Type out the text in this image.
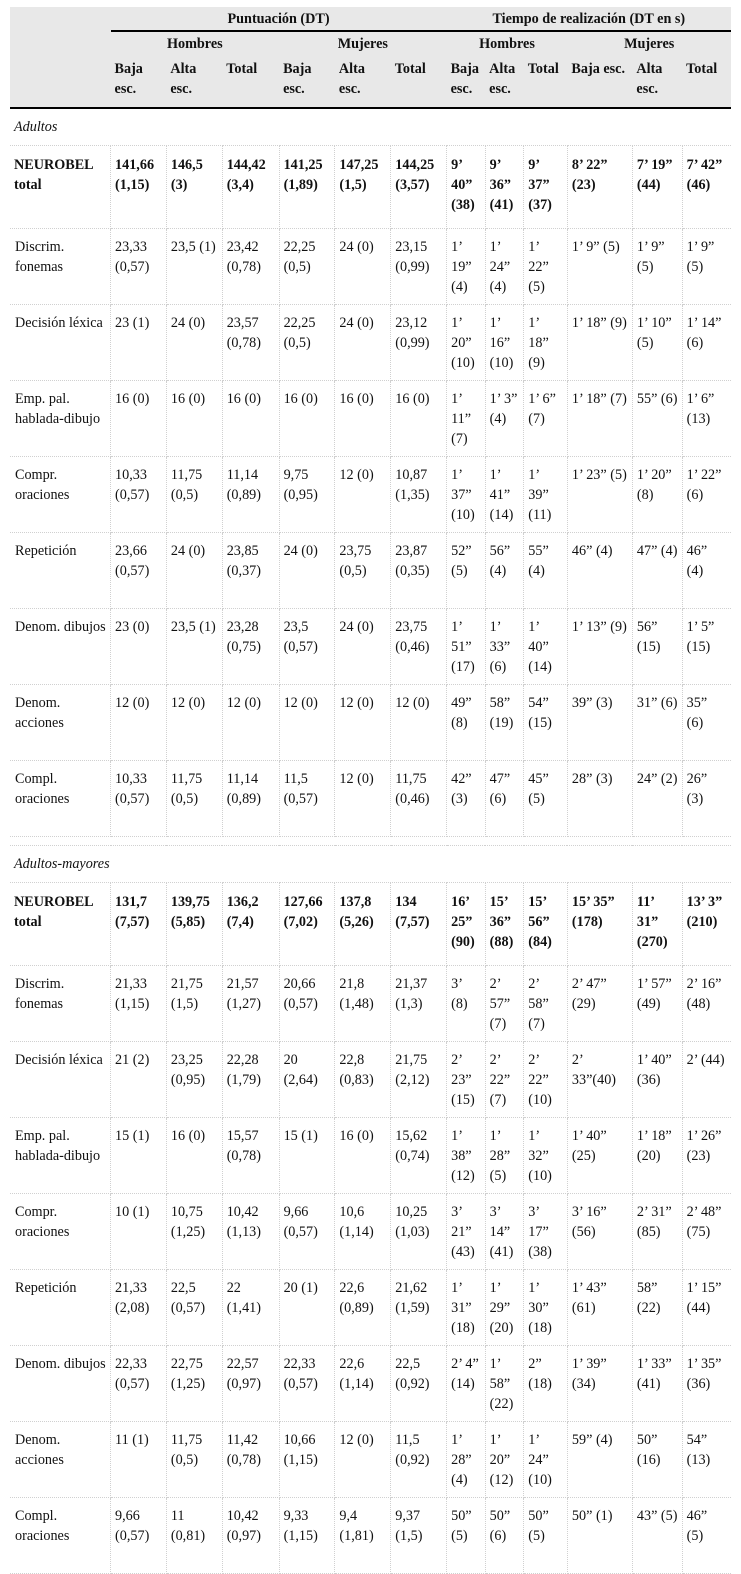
	Puntuación (DT)						Tiempo de realización (DT en s)					
	Hombres			Mujeres			Hombres			Mujeres		
	Baja esc.	Alta esc.	Total	Baja esc.	Alta esc.	Total	Baja esc.	Alta esc.	Total	Baja esc.	Alta esc.	Total
Adultos												
NEUROBEL total	141,66 (1,15)	146,5 (3)	144,42 (3,4)	141,25 (1,89)	147,25 (1,5)	144,25 (3,57)	9’ 40” (38)	9’ 36” (41)	9’ 37” (37)	8’ 22” (23)	7’ 19” (44)	7’ 42” (46)
Discrim. fonemas	23,33 (0,57)	23,5 (1)	23,42 (0,78)	22,25 (0,5)	24 (0)	23,15 (0,99)	1’ 19” (4)	1’ 24” (4)	1’ 22” (5)	1’ 9” (5)	1’ 9” (5)	1’ 9” (5)
Decisión léxica	23 (1)	24 (0)	23,57 (0,78)	22,25 (0,5)	24 (0)	23,12 (0,99)	1’ 20” (10)	1’ 16” (10)	1’ 18” (9)	1’ 18” (9)	1’ 10” (5)	1’ 14” (6)
Emp. pal. hablada-dibujo	16 (0)	16 (0)	16 (0)	16 (0)	16 (0)	16 (0)	1’ 11” (7)	1’ 3” (4)	1’ 6” (7)	1’ 18” (7)	55” (6)	1’ 6” (13)
Compr. oraciones	10,33 (0,57)	11,75 (0,5)	11,14 (0,89)	9,75 (0,95)	12 (0)	10,87 (1,35)	1’ 37” (10)	1’ 41” (14)	1’ 39” (11)	1’ 23” (5)	1’ 20” (8)	1’ 22” (6)
Repetición	23,66 (0,57)	24 (0)	23,85 (0,37)	24 (0)	23,75 (0,5)	23,87 (0,35)	52” (5)	56” (4)	55” (4)	46” (4)	47” (4)	46” (4)
Denom. dibujos	23 (0)	23,5 (1)	23,28 (0,75)	23,5 (0,57)	24 (0)	23,75 (0,46)	1’ 51” (17)	1’ 33” (6)	1’ 40” (14)	1’ 13” (9)	56” (15)	1’ 5” (15)
Denom. acciones	12 (0)	12 (0)	12 (0)	12 (0)	12 (0)	12 (0)	49” (8)	58” (19)	54” (15)	39” (3)	31” (6)	35” (6)
Compl. oraciones	10,33 (0,57)	11,75 (0,5)	11,14 (0,89)	11,5 (0,57)	12 (0)	11,75 (0,46)	42” (3)	47” (6)	45” (5)	28” (3)	24” (2)	26” (3)

Adultos-mayores												
NEUROBEL total	131,7 (7,57)	139,75 (5,85)	136,2 (7,4)	127,66 (7,02)	137,8 (5,26)	134 (7,57)	16’ 25” (90)	15’ 36” (88)	15’ 56” (84)	15’ 35” (178)	11’ 31” (270)	13’ 3” (210)
Discrim. fonemas	21,33 (1,15)	21,75 (1,5)	21,57 (1,27)	20,66 (0,57)	21,8 (1,48)	21,37 (1,3)	3’ (8)	2’ 57” (7)	2’ 58” (7)	2’ 47” (29)	1’ 57” (49)	2’ 16” (48)
Decisión léxica	21 (2)	23,25 (0,95)	22,28 (1,79)	20 (2,64)	22,8 (0,83)	21,75 (2,12)	2’ 23” (15)	2’ 22” (7)	2’ 22” (10)	2’ 33”(40)	1’ 40” (36)	2’ (44)
Emp. pal. hablada-dibujo	15 (1)	16 (0)	15,57 (0,78)	15 (1)	16 (0)	15,62 (0,74)	1’ 38” (12)	1’ 28” (5)	1’ 32” (10)	1’ 40” (25)	1’ 18” (20)	1’ 26” (23)
Compr. oraciones	10 (1)	10,75 (1,25)	10,42 (1,13)	9,66 (0,57)	10,6 (1,14)	10,25 (1,03)	3’ 21” (43)	3’ 14” (41)	3’ 17” (38)	3’ 16” (56)	2’ 31” (85)	2’ 48” (75)
Repetición	21,33 (2,08)	22,5 (0,57)	22 (1,41)	20 (1)	22,6 (0,89)	21,62 (1,59)	1’ 31” (18)	1’ 29” (20)	1’ 30” (18)	1’ 43” (61)	58” (22)	1’ 15” (44)
Denom. dibujos	22,33 (0,57)	22,75 (1,25)	22,57 (0,97)	22,33 (0,57)	22,6 (1,14)	22,5 (0,92)	2’ 4” (14)	1’ 58” (22)	2” (18)	1’ 39” (34)	1’ 33” (41)	1’ 35” (36)
Denom. acciones	11 (1)	11,75 (0,5)	11,42 (0,78)	10,66 (1,15)	12 (0)	11,5 (0,92)	1’ 28” (4)	1’ 20” (12)	1’ 24” (10)	59” (4)	50” (16)	54” (13)
Compl. oraciones	9,66 (0,57)	11 (0,81)	10,42 (0,97)	9,33 (1,15)	9,4 (1,81)	9,37 (1,5)	50” (5)	50” (6)	50” (5)	50” (1)	43” (5)	46” (5)
